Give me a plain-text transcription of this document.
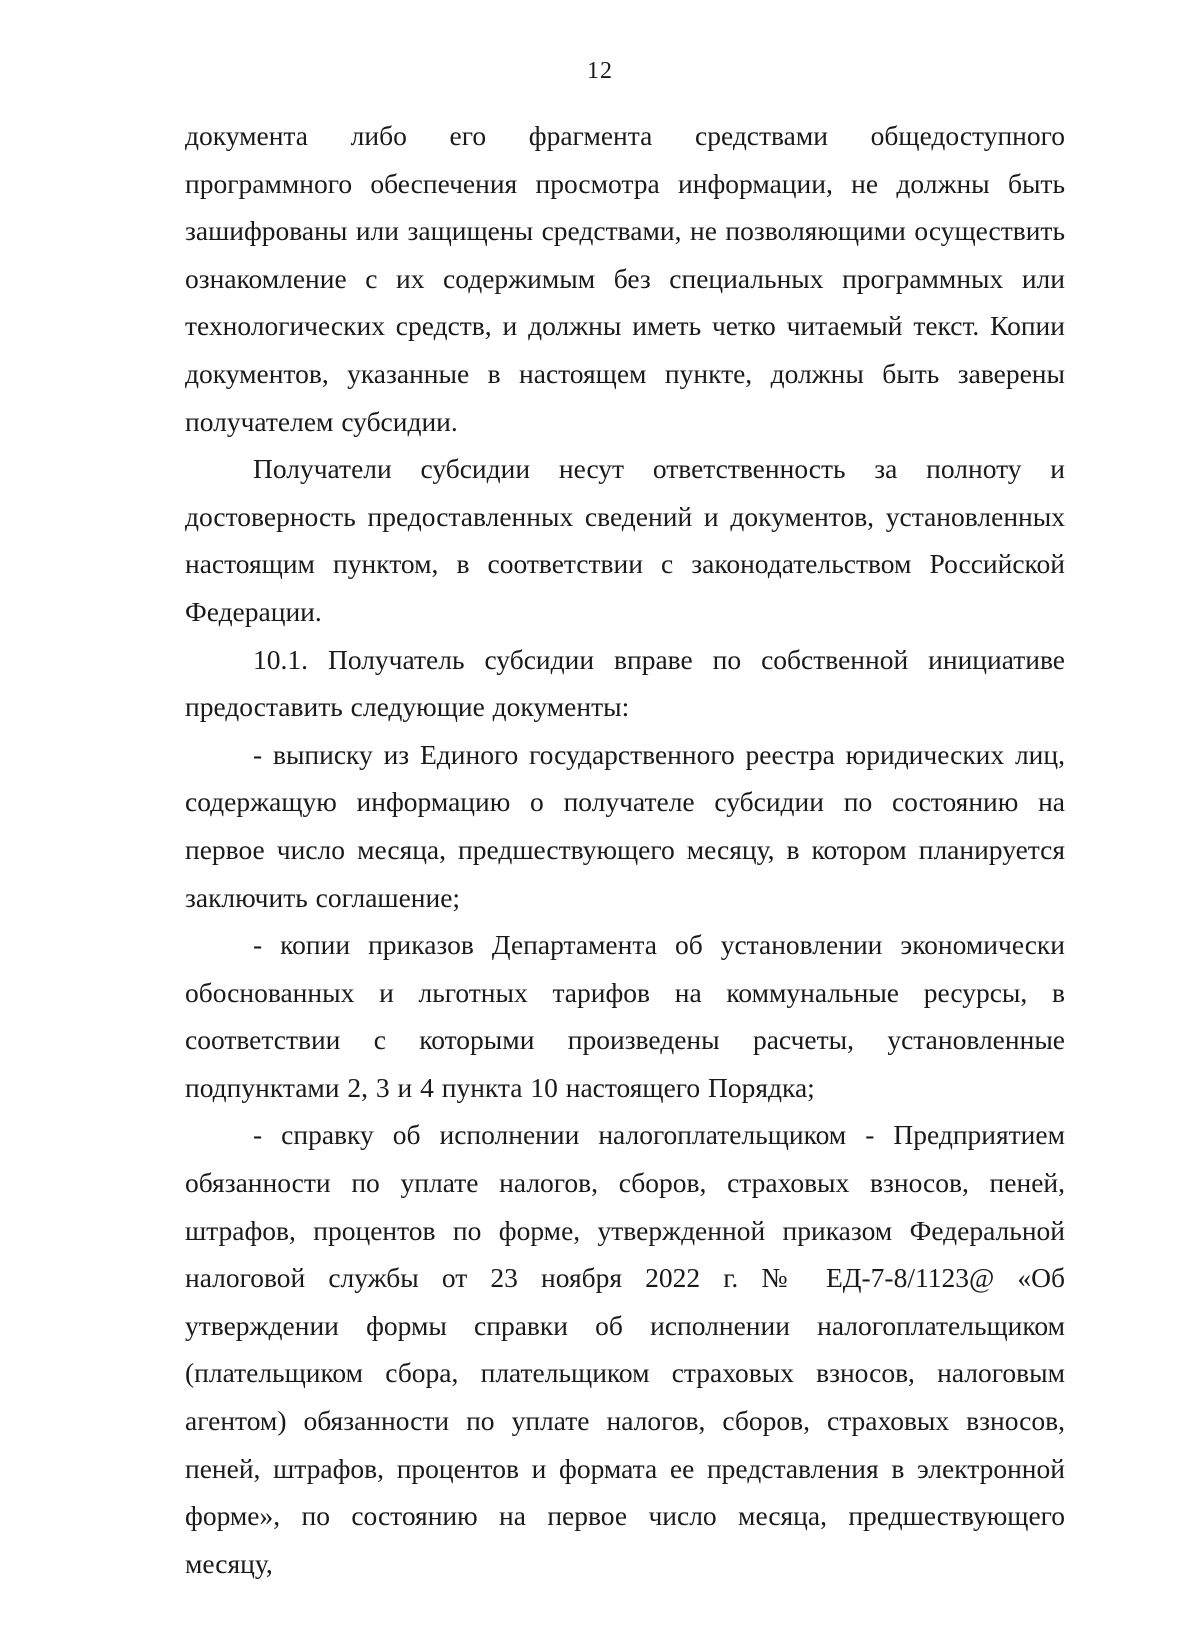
12

документа либо его фрагмента средствами общедоступного программного обеспечения просмотра информации, не должны быть зашифрованы или защищены средствами, не позволяющими осуществить ознакомление с их содержимым без специальных программных или технологических средств, и должны иметь четко читаемый текст. Копии документов, указанные в настоящем пункте, должны быть заверены получателем субсидии.

Получатели субсидии несут ответственность за полноту и достоверность предоставленных сведений и документов, установленных настоящим пунктом, в соответствии с законодательством Российской Федерации.

10.1. Получатель субсидии вправе по собственной инициативе предоставить следующие документы:

- выписку из Единого государственного реестра юридических лиц, содержащую информацию о получателе субсидии по состоянию на первое число месяца, предшествующего месяцу, в котором планируется заключить соглашение;

- копии приказов Департамента об установлении экономически обоснованных и льготных тарифов на коммунальные ресурсы, в соответствии с которыми произведены расчеты, установленные подпунктами 2, 3 и 4 пункта 10 настоящего Порядка;

- справку об исполнении налогоплательщиком - Предприятием обязанности по уплате налогов, сборов, страховых взносов, пеней, штрафов, процентов по форме, утвержденной приказом Федеральной налоговой службы от 23 ноября 2022 г. № ЕД-7-8/1123@ «Об утверждении формы справки об исполнении налогоплательщиком (плательщиком сбора, плательщиком страховых взносов, налоговым агентом) обязанности по уплате налогов, сборов, страховых взносов, пеней, штрафов, процентов и формата ее представления в электронной форме», по состоянию на первое число месяца, предшествующего месяцу,
